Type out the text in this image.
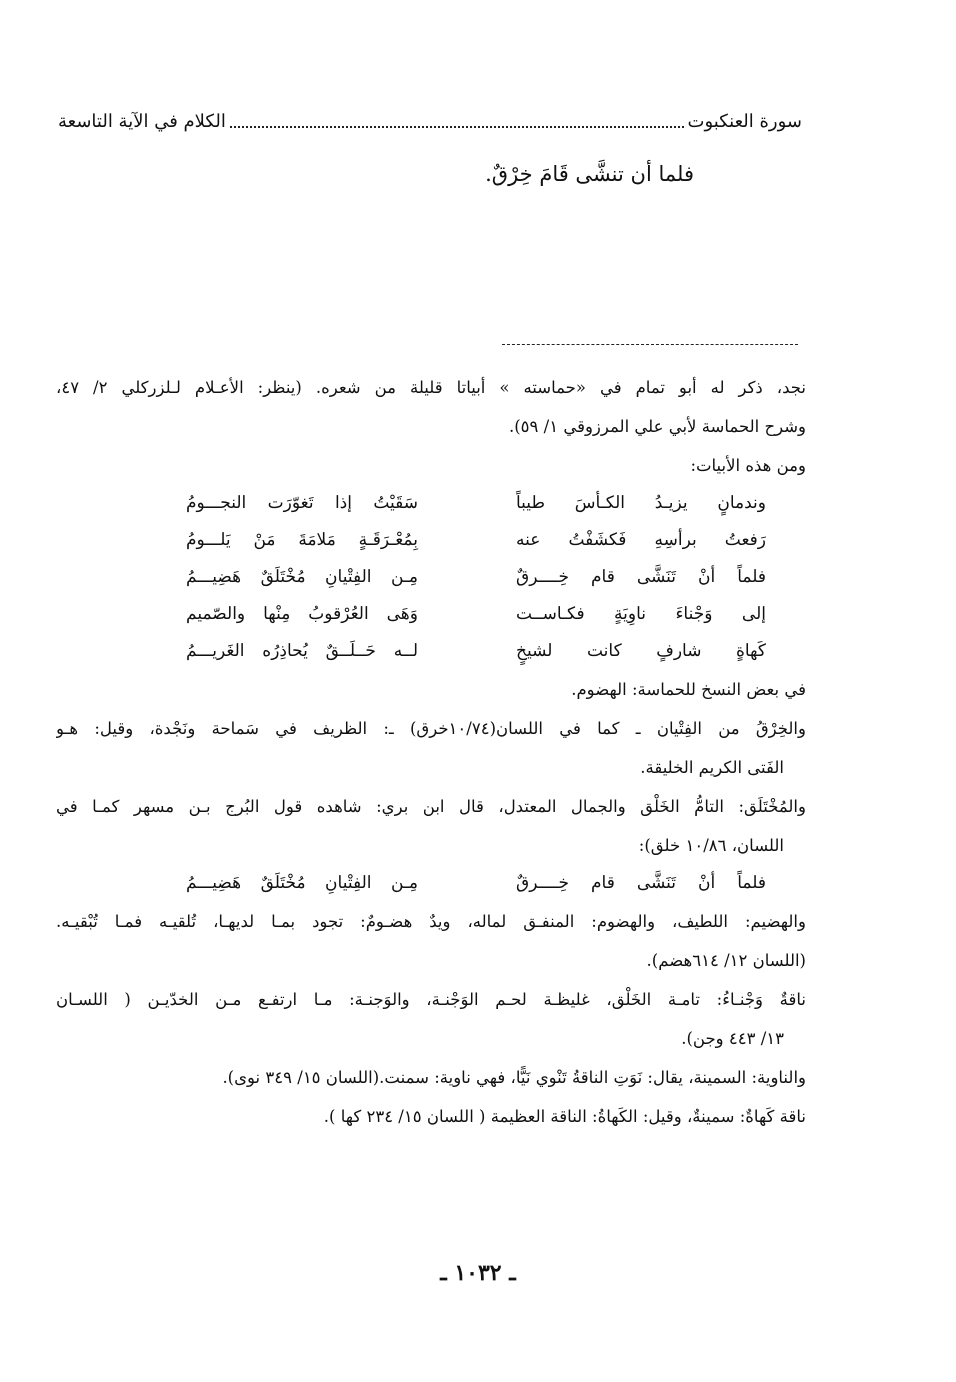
سورة العنكبوت
الكلام في الآية التاسعة
فلما أن تنشَّى قَامَ خِرْقٌ.
نجد، ذكر له أبو تمام في «حماسته » أبياتا قليلة من شعره. (ينظر: الأعـلام لـلزركلي ٢/ ٤٧،
وشرح الحماسة لأبي علي المرزوقي ١/ ٥٩).
ومن هذه الأبيات:
وندمانٍ يزيـدُ الكـأسَ طيباً
سَقَيْتُ إذا تَغوّرَت النجـــومُ
رَفعتُ برأسِهِ فَكشَفْتُ عنه
بِمُعْـرَقَـةٍ مَلامَةَ مَنْ يَلـــومُ
فلماً أنْ تَنَشَّى قام خِــــرقٌ
مِـن الفِتْيانِ مُخْتَلَقٌ هَضِيـــمُ
إلى وَجْناءَ ناوِيَةٍ فكـاســت
وَهَى العُرْقوبُ مِنْها والصّميم
كَهاةٍ شارفٍ كانت لشيخٍ
لــه حَــلَــقٌ يُحاذِرُه الغَريـــمُ
في بعض النسخ للحماسة: الهضوم.
والخِرْقُ من الفِتْيان ـ كما في اللسان(١٠/٧٤خرق) ـ: الظريف في سَماحة ونَجْدة، وقيل: هـو
الفَتى الكريم الخليقة.
والمُخْتَلَق: التامُّ الخَلْق والجمال المعتدل، قال ابن بري: شاهده قول البُرج بـن مسهر كمـا في
اللسان، ١٠/٨٦ خلق):
فلماً أنْ تَنَشَّى قام خِــــرقٌ
مِـن الفِتْيانِ مُخْتَلَقٌ هَضِيـــمُ
والهضيم: اللطيف، والهضوم: المنفـق لماله، ويدٌ هضـومٌ: تجود بمـا لديهـا، تُلقيـه فمـا تُبْقيـه.
(اللسان ١٢/ ٦١٤هضم).
ناقةٌ وَجْنـاءُ: تامـة الخَلْق، غليظـة لحـم الوَجْنـة، والوَجنـة: مـا ارتفـع مـن الخدّيـن ( اللسـان
١٣/ ٤٤٣ وجن).
والناوية: السمينة، يقال: نَوَتِ الناقةُ تَنْوي نَيًّا، فهي ناوية: سمنت.(اللسان ١٥/ ٣٤٩ نوى).
ناقة كَهاةٌ: سمينةٌ، وقيل: الكَهاةُ: الناقة العظيمة ( اللسان ١٥/ ٢٣٤ كها ).
ـ ١٠٣٢ ـ
